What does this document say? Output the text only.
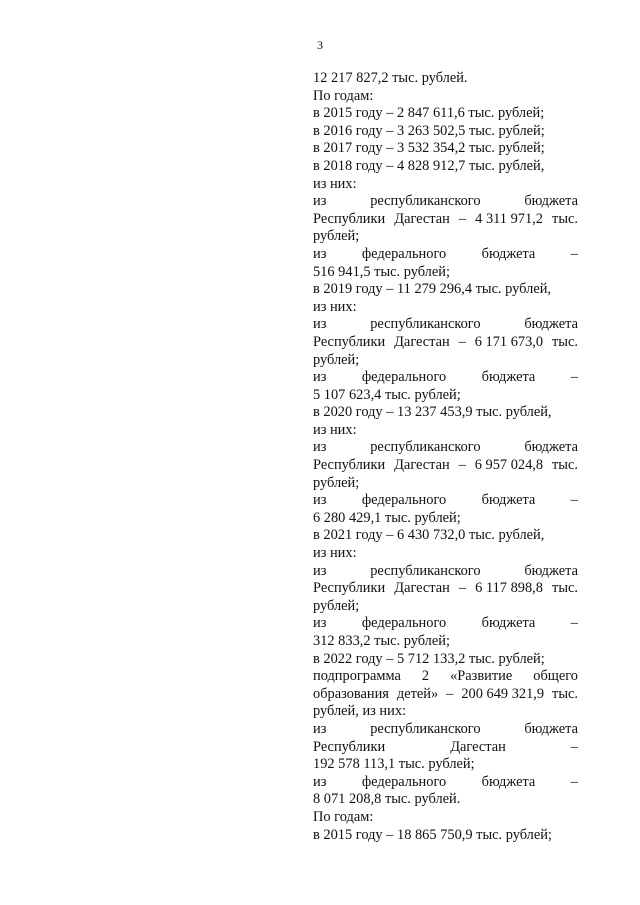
3
12 217 827,2 тыс. рублей.
По годам:
в 2015 году – 2 847 611,6 тыс. рублей;
в 2016 году – 3 263 502,5 тыс. рублей;
в 2017 году – 3 532 354,2 тыс. рублей;
в 2018 году – 4 828 912,7 тыс. рублей,
из них:
из	республиканского	бюджета
Республики Дагестан – 4 311 971,2 тыс.
рублей;
из федерального бюджета –
516 941,5 тыс. рублей;
в 2019 году – 11 279 296,4 тыс. рублей,
из них:
из	республиканского	бюджета
Республики Дагестан – 6 171 673,0 тыс.
рублей;
из федерального бюджета –
5 107 623,4 тыс. рублей;
в 2020 году – 13 237 453,9 тыс. рублей,
из них:
из	республиканского	бюджета
Республики Дагестан – 6 957 024,8 тыс.
рублей;
из федерального бюджета –
6 280 429,1 тыс. рублей;
в 2021 году – 6 430 732,0 тыс. рублей,
из них:
из	республиканского	бюджета
Республики Дагестан – 6 117 898,8 тыс.
рублей;
из федерального бюджета –
312 833,2 тыс. рублей;
в 2022 году – 5 712 133,2 тыс. рублей;
подпрограмма 2 «Развитие общего
образования детей» – 200 649 321,9 тыс.
рублей, из них:
из	республиканского	бюджета
Республики	Дагестан	–
192 578 113,1 тыс. рублей;
из федерального бюджета –
8 071 208,8 тыс. рублей.
По годам:
в 2015 году – 18 865 750,9 тыс. рублей;
